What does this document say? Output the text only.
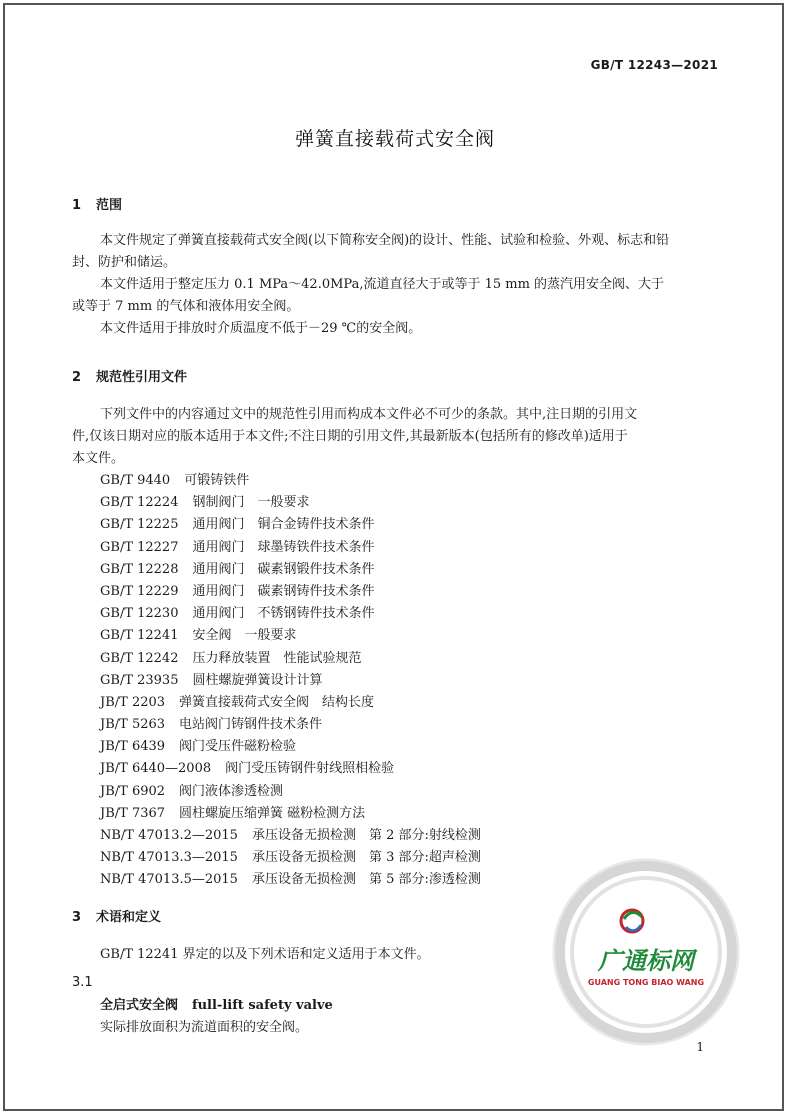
GB/T 12243—2021
弹簧直接载荷式安全阀
1 范围
本文件规定了弹簧直接载荷式安全阀(以下简称安全阀)的设计、性能、试验和检验、外观、标志和铅
封、防护和储运。
本文件适用于整定压力 0.1 MPa～42.0MPa,流道直径大于或等于 15 mm 的蒸汽用安全阀、大于
或等于 7 mm 的气体和液体用安全阀。
本文件适用于排放时介质温度不低于－29 ℃的安全阀。
2 规范性引用文件
下列文件中的内容通过文中的规范性引用而构成本文件必不可少的条款。其中,注日期的引用文
件,仅该日期对应的版本适用于本文件;不注日期的引用文件,其最新版本(包括所有的修改单)适用于
本文件。
GB/T 9440 可锻铸铁件
GB/T 12224 钢制阀门　一般要求
GB/T 12225 通用阀门　铜合金铸件技术条件
GB/T 12227 通用阀门　球墨铸铁件技术条件
GB/T 12228 通用阀门　碳素钢锻件技术条件
GB/T 12229 通用阀门　碳素钢铸件技术条件
GB/T 12230 通用阀门　不锈钢铸件技术条件
GB/T 12241 安全阀　一般要求
GB/T 12242 压力释放装置　性能试验规范
GB/T 23935 圆柱螺旋弹簧设计计算
JB/T 2203 弹簧直接载荷式安全阀　结构长度
JB/T 5263 电站阀门铸钢件技术条件
JB/T 6439 阀门受压件磁粉检验
JB/T 6440—2008 阀门受压铸钢件射线照相检验
JB/T 6902 阀门液体渗透检测
JB/T 7367 圆柱螺旋压缩弹簧 磁粉检测方法
NB/T 47013.2—2015 承压设备无损检测　第 2 部分:射线检测
NB/T 47013.3—2015 承压设备无损检测　第 3 部分:超声检测
NB/T 47013.5—2015 承压设备无损检测　第 5 部分:渗透检测
3 术语和定义
GB/T 12241 界定的以及下列术语和定义适用于本文件。
3.1
全启式安全阀 full-lift safety valve
实际排放面积为流道面积的安全阀。
广通标网
GUANG TONG BIAO WANG
1
